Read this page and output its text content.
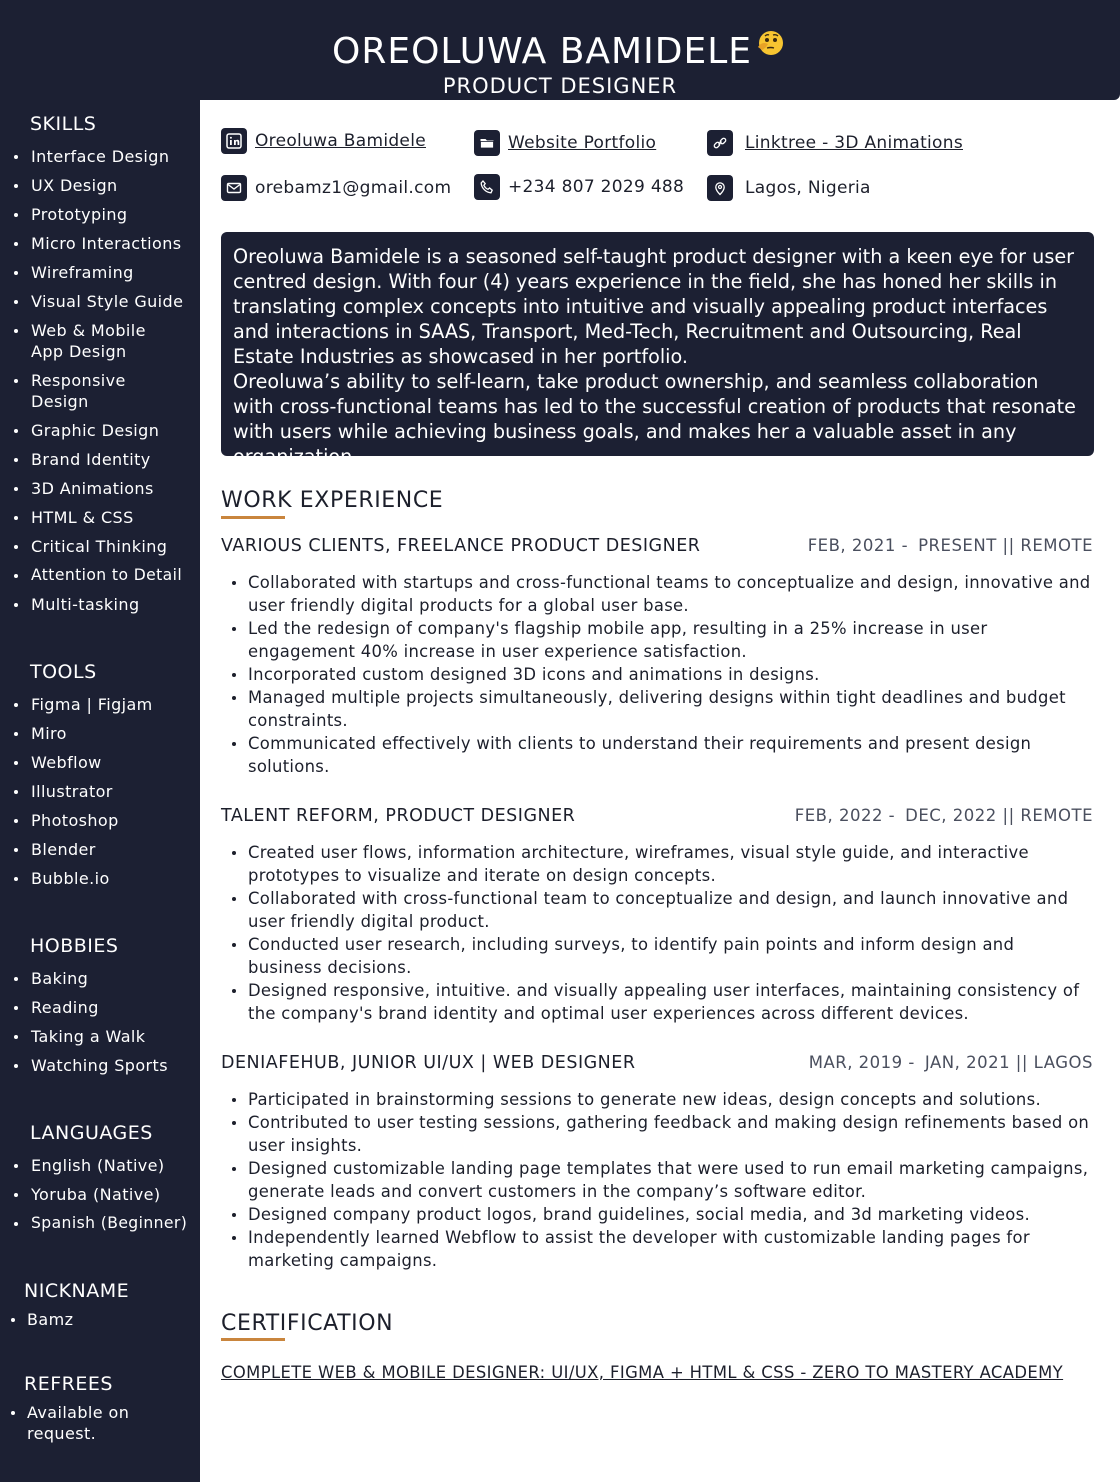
OREOLUWA BAMIDELE
PRODUCT DESIGNER
SKILLS
Interface Design
UX Design
Prototyping
Micro Interactions
Wireframing
Visual Style Guide
Web & Mobile App Design
Responsive Design
Graphic Design
Brand Identity
3D Animations
HTML & CSS
Critical Thinking
Attention to Detail
Multi-tasking
TOOLS
Figma | Figjam
Miro
Webflow
Illustrator
Photoshop
Blender
Bubble.io
HOBBIES
Baking
Reading
Taking a Walk
Watching Sports
LANGUAGES
English (Native)
Yoruba (Native)
Spanish (Beginner)
NICKNAME
Bamz
REFREES
Available on request.
Oreoluwa Bamidele	Website Portfolio	Linktree - 3D Animations
orebamz1@gmail.com	+234 807 2029 488	Lagos, Nigeria

Oreoluwa Bamidele is a seasoned self-taught product designer with a keen eye for user centred design. With four (4) years experience in the field, she has honed her skills in translating complex concepts into intuitive and visually appealing product interfaces and interactions in SAAS, Transport, Med-Tech, Recruitment and Outsourcing, Real Estate Industries as showcased in her portfolio.

Oreoluwa’s ability to self-learn, take product ownership, and seamless collaboration with cross-functional teams has led to the successful creation of products that resonate with users while achieving business goals, and makes her a valuable asset in any organization.

WORK EXPERIENCE
VARIOUS CLIENTS, FREELANCE PRODUCT DESIGNER	FEB, 2021 - PRESENT || REMOTE
Collaborated with startups and cross-functional teams to conceptualize and design, innovative and user friendly digital products for a global user base.
Led the redesign of company's flagship mobile app, resulting in a 25% increase in user engagement 40% increase in user experience satisfaction.
Incorporated custom designed 3D icons and animations in designs.
Managed multiple projects simultaneously, delivering designs within tight deadlines and budget constraints.
Communicated effectively with clients to understand their requirements and present design solutions.
TALENT REFORM, PRODUCT DESIGNER	FEB, 2022 - DEC, 2022 || REMOTE
Created user flows, information architecture, wireframes, visual style guide, and interactive prototypes to visualize and iterate on design concepts.
Collaborated with cross-functional team to conceptualize and design, and launch innovative and user friendly digital product.
Conducted user research, including surveys, to identify pain points and inform design and business decisions.
Designed responsive, intuitive. and visually appealing user interfaces, maintaining consistency of the company's brand identity and optimal user experiences across different devices.
DENIAFEHUB, JUNIOR UI/UX | WEB DESIGNER	MAR, 2019 - JAN, 2021 || LAGOS
Participated in brainstorming sessions to generate new ideas, design concepts and solutions.
Contributed to user testing sessions, gathering feedback and making design refinements based on user insights.
Designed customizable landing page templates that were used to run email marketing campaigns, generate leads and convert customers in the company’s software editor.
Designed company product logos, brand guidelines, social media, and 3d marketing videos.
Independently learned Webflow to assist the developer with customizable landing pages for marketing campaigns.
CERTIFICATION
COMPLETE WEB & MOBILE DESIGNER: UI/UX, FIGMA + HTML & CSS - ZERO TO MASTERY ACADEMY
